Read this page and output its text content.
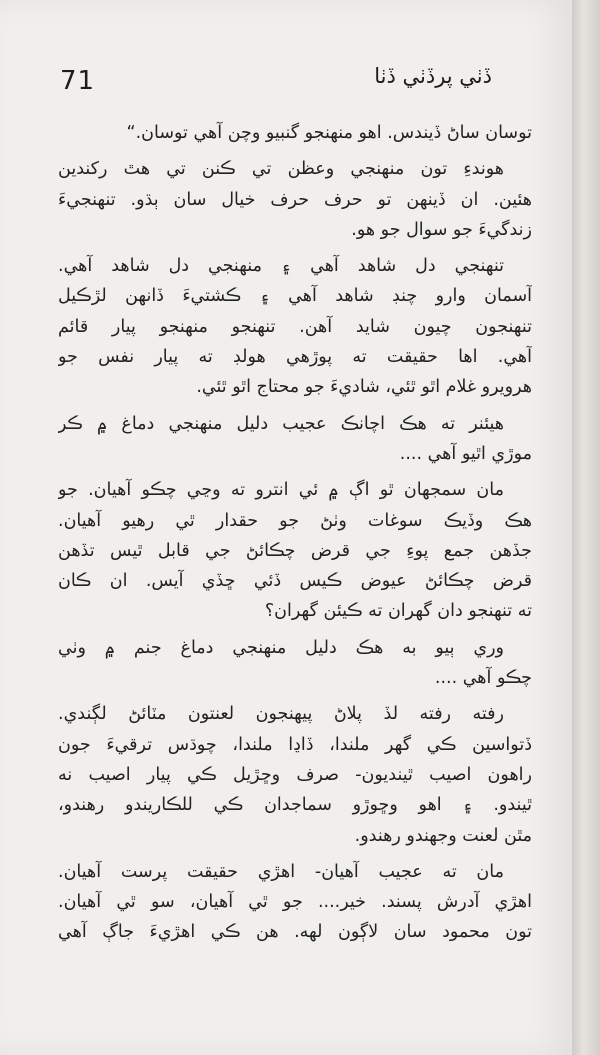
71	ڏٺي پرڏٺي ڏٺا
توسان ساڻ ڏيندس. اهو منهنجو گنبيو وچن آهي توسان.“
هوندءِ تون منهنجي وعظن تي ڪنن تي هٿ رکندين
هئين. ان ڏينهن تو حرف حرف خيال سان ٻڌو. تنهنجيءَ
زندگيءَ جو سوال جو هو.
تنهنجي دل شاهد آهي ۽ منهنجي دل شاهد آهي.
آسمان وارو چنڊ شاهد آهي ۽ ڪشتيءَ ڏانهن لڙڪيل
تنهنجون چيون شايد آهن. تنهنجو منهنجو پيار قائم
آهي. اها حقيقت ته پوڙهي هولڊ ته پيار نفس جو
هرويرو غلام اٿو ٿئي، شاديءَ جو محتاج اٿو ٿئي.
هيئنر ته هڪ اچانڪ عجيب دليل منهنجي دماغ ۾ ڪر
موڙي اٿيو آهي ....
مان سمجهان ٿو اڳ ۾ ئي انترو ته وڃي چڪو آهيان. جو
هڪ وڏيڪ سوغات وٺڻ جو حقدار ٿي رهيو آهيان.
جڏهن جمع پوءِ جي قرض چڪائڻ جي قابل ٿيس تڏهن
قرض چڪائڻ عيوض ڪيس ڏئي ڇڏي آيس. ان ڪان
ته تنهنجو دان گهران ته ڪيئن گهران؟
وري ٻيو به هڪ دليل منهنجي دماغ جنم ۾ وٺي
چڪو آهي ....
رفته رفته لڏ پلاڻ پيهنجون لعنتون مٽائڻ لڳندي.
ڏتواسين ڪي گهر ملندا، ڏاڍا ملندا، چوڌس ترقيءَ جون
راهون اصيب ٿينديون- صرف وڇڙيل ڪي پيار اصيب نه
ٿيندو. ۽ اهو وڇوڙو سماجدان ڪي للڪاريندو رهندو،
مٿن لعنت وجهندو رهندو.
مان ته عجيب آهيان- اهڙي حقيقت پرست آهيان.
اهڙي آدرش پسند. خير.... جو ٿي آهيان، سو ٿي آهيان.
تون محمود سان لاڳون لهه. هن ڪي اهڙيءَ جاڳ آهي
